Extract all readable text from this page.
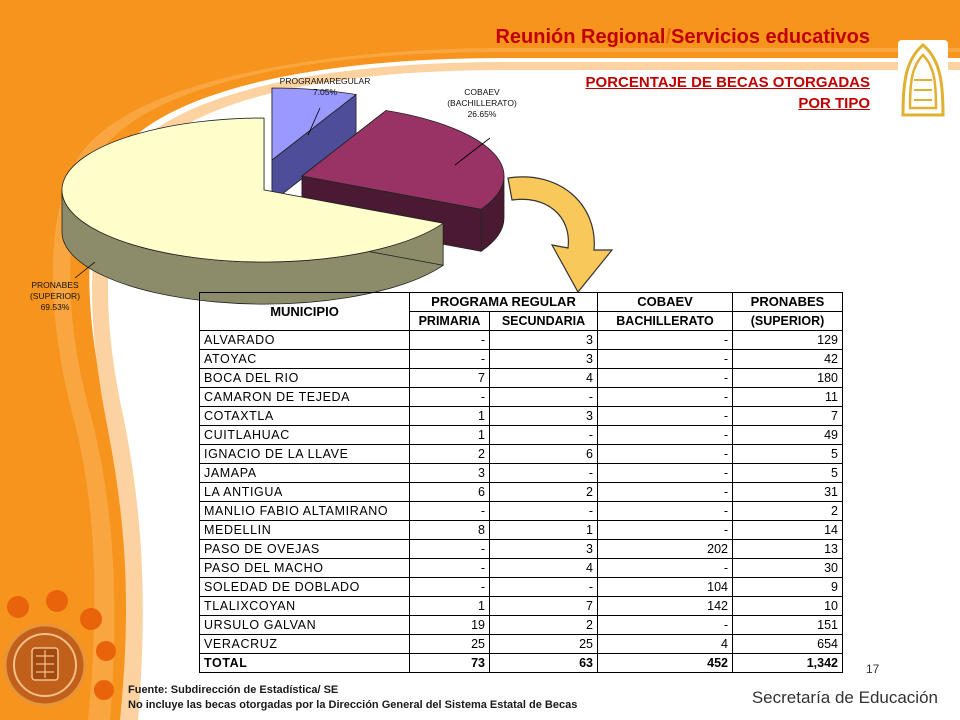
Reunión Regional/Servicios educativos
PORCENTAJE DE BECAS OTORGADAS
POR TIPO
PROGRAMAREGULAR
7.05%	COBAEV
(BACHILLERATO)
26.65%
PRONABES
(SUPERIOR)
69.53%	MUNICIPIO	PROGRAMA REGULAR		COBAEV	PRONABES
	PRIMARIA	SECUNDARIA	BACHILLERATO	(SUPERIOR)
ALVARADO	-	3	-	129
ATOYAC	-	3	-	42
BOCA DEL RIO	7	4	-	180
CAMARON DE TEJEDA	-	-	-	11
COTAXTLA	1	3	-	7
CUITLAHUAC	1	-	-	49
IGNACIO DE LA LLAVE	2	6	-	5
JAMAPA	3	-	-	5
LA ANTIGUA	6	2	-	31
MANLIO FABIO ALTAMIRANO	-	-	-	2
MEDELLIN	8	1	-	14
PASO DE OVEJAS	-	3	202	13
PASO DEL MACHO	-	4	-	30
SOLEDAD DE DOBLADO	-	-	104	9
TLALIXCOYAN	1	7	142	10
URSULO GALVAN	19	2	-	151
VERACRUZ	25	25	4	654
TOTAL	73	63	452	1,342 17
Fuente: Subdirección de Estadística/ SE
No incluye las becas otorgadas por la Dirección General del Sistema Estatal de Becas	Secretaría de Educación
